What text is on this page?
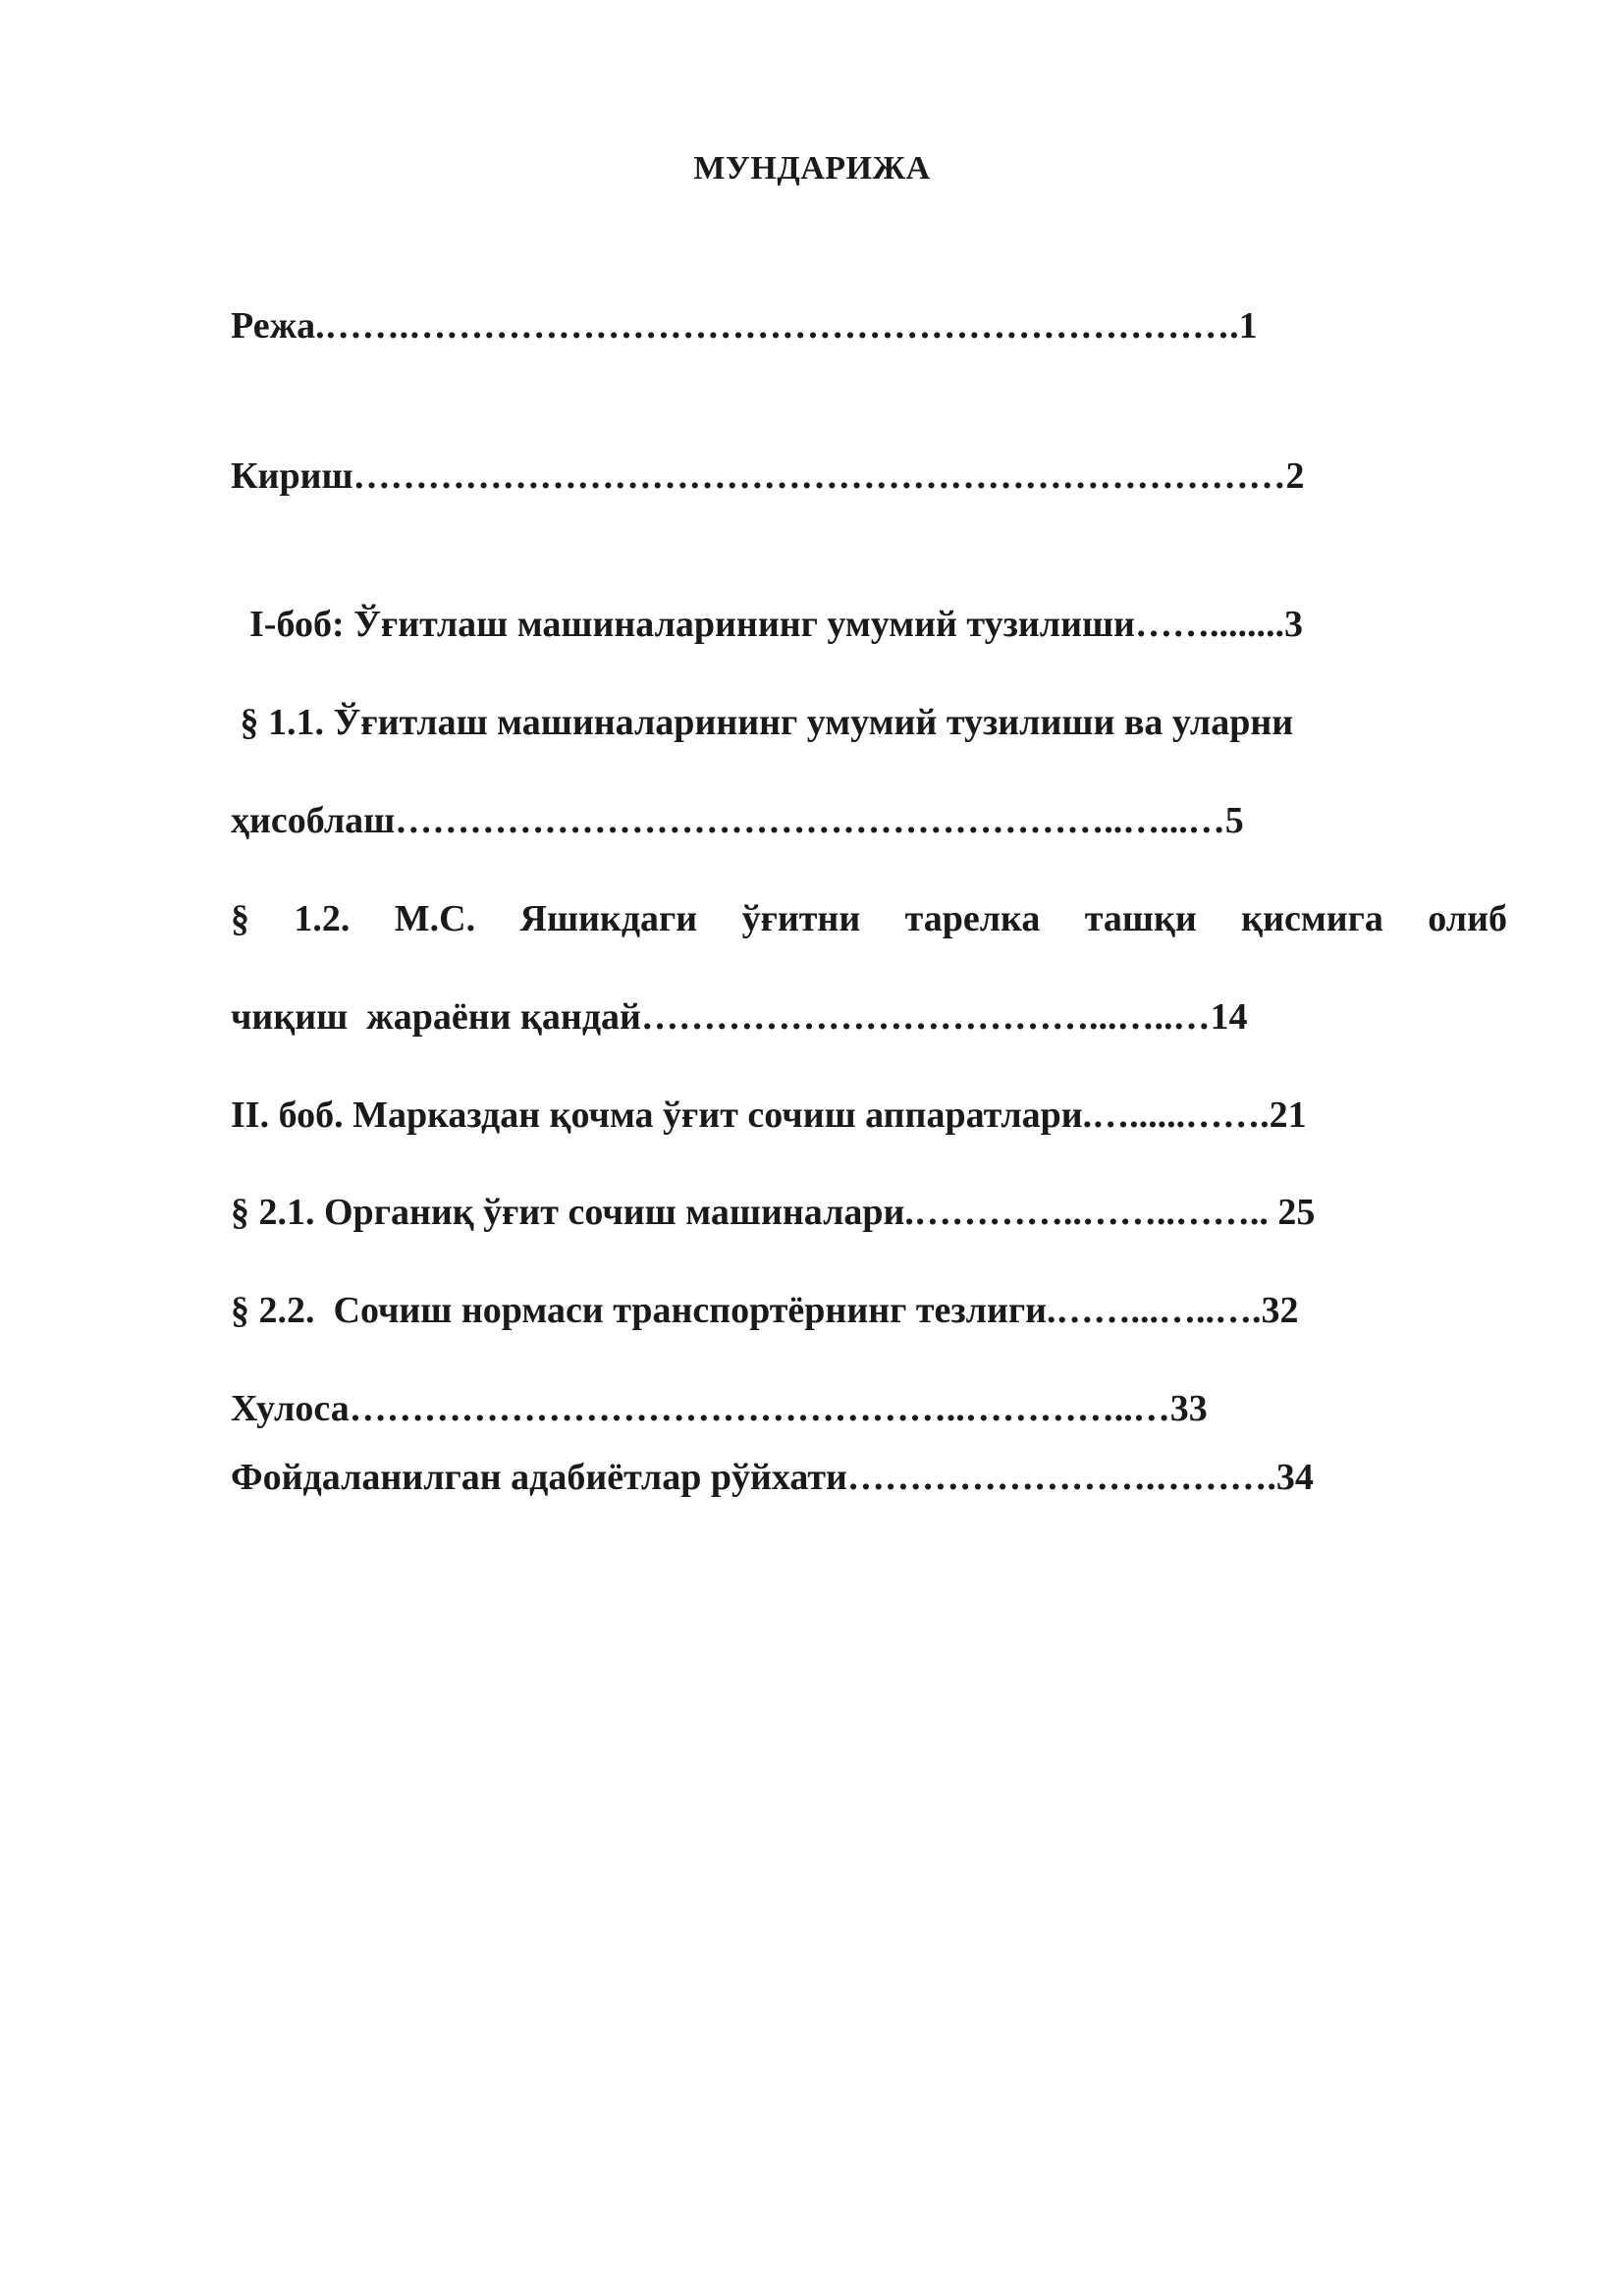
МУНДАРИЖА

Режа.…….………………………………………………………….1

Кириш…………………………………………………………………2

I-боб: Ўғитлаш машиналарининг умумий тузилиши……........3

§ 1.1. Ўғитлаш машиналарининг умумий тузилиши ва уларни

ҳисоблаш…………………………………………………..…...…5

§ 1.2. М.С. Яшикдаги ўғитни тарелка ташқи қисмига олиб

чиқиш  жараёни қандай………………………………...…..…14

II. боб. Марказдан қочма ўғит сочиш аппаратлари.…......…….21

§ 2.1. Органиқ ўғит сочиш машиналари.…………..……..…….. 25

§ 2.2.  Сочиш нормаси транспортёрнинг тезлиги.……...…..….32

Хулоса…………………………………………..…………..…33

Фойдаланилган адабиётлар рўйхати…………………….……….34
